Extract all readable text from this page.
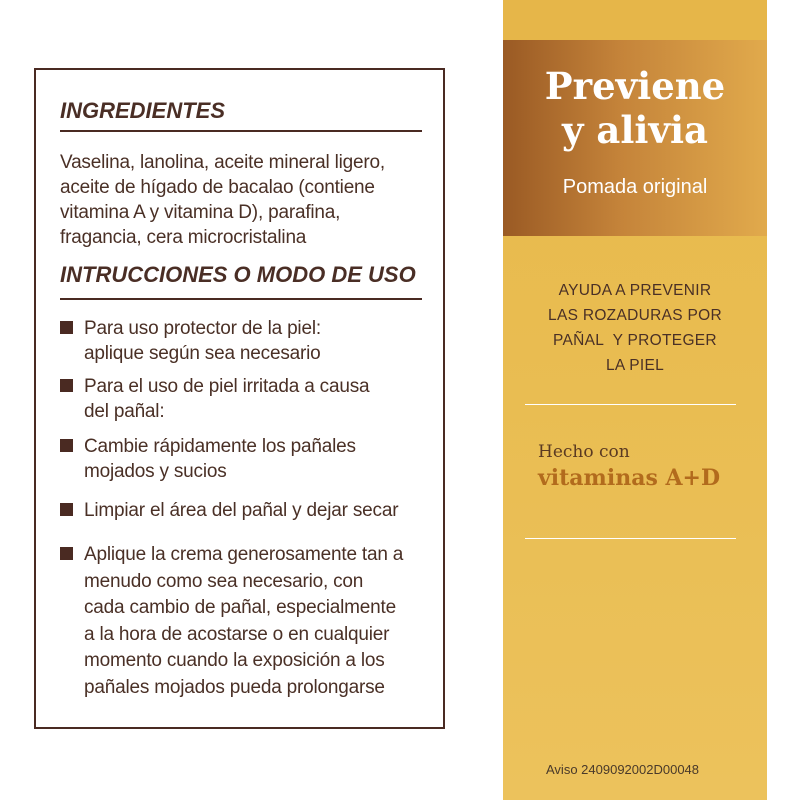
INGREDIENTES
Vaselina, lanolina, aceite mineral ligero,
aceite de hígado de bacalao (contiene
vitamina A y vitamina D), parafina,
fragancia, cera microcristalina
INTRUCCIONES O MODO DE USO
Para uso protector de la piel:
aplique según sea necesario
Para el uso de piel irritada a causa
del pañal:
Cambie rápidamente los pañales
mojados y sucios
Limpiar el área del pañal y dejar secar
Aplique la crema generosamente tan a
menudo como sea necesario, con
cada cambio de pañal, especialmente
a la hora de acostarse o en cualquier
momento cuando la exposición a los
pañales mojados pueda prolongarse
Previene
y alivia
Pomada original
AYUDA A PREVENIR
LAS ROZADURAS POR
PAÑAL  Y PROTEGER
LA PIEL
Hecho con
vitaminas A+D
Aviso 2409092002D00048
